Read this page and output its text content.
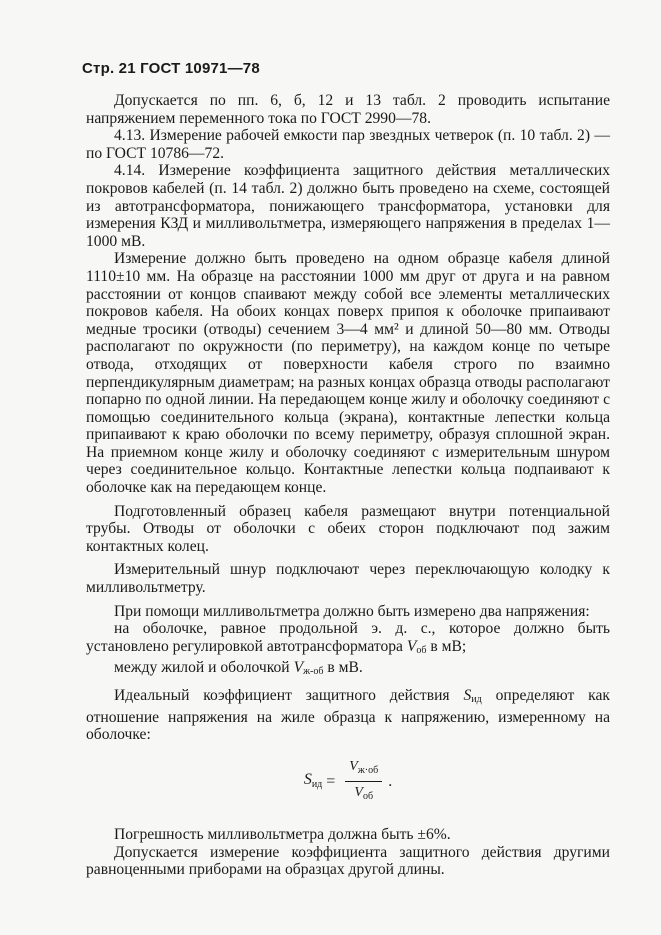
Стр. 21 ГОСТ 10971—78

Допускается по пп. 6, б, 12 и 13 табл. 2 проводить испытание напряжением переменного тока по ГОСТ 2990—78.

4.13. Измерение рабочей емкости пар звездных четверок (п. 10 табл. 2) — по ГОСТ 10786—72.

4.14. Измерение коэффициента защитного действия металлических покровов кабелей (п. 14 табл. 2) должно быть проведено на схеме, состоящей из автотрансформатора, понижающего трансформатора, установки для измерения КЗД и милливольтметра, измеряющего напряжения в пределах 1—1000 мВ.

Измерение должно быть проведено на одном образце кабеля длиной 1110±10 мм. На образце на расстоянии 1000 мм друг от друга и на равном расстоянии от концов спаивают между собой все элементы металлических покровов кабеля. На обоих концах поверх припоя к оболочке припаивают медные тросики (отводы) сечением 3—4 мм² и длиной 50—80 мм. Отводы располагают по окружности (по периметру), на каждом конце по четыре отвода, отходящих от поверхности кабеля строго по взаимно перпендикулярным диаметрам; на разных концах образца отводы располагают попарно по одной линии. На передающем конце жилу и оболочку соединяют с помощью соединительного кольца (экрана), контактные лепестки кольца припаивают к краю оболочки по всему периметру, образуя сплошной экран. На приемном конце жилу и оболочку соединяют с измерительным шнуром через соединительное кольцо. Контактные лепестки кольца подпаивают к оболочке как на передающем конце.

Подготовленный образец кабеля размещают внутри потенциальной трубы. Отводы от оболочки с обеих сторон подключают под зажим контактных колец.

Измерительный шнур подключают через переключающую колодку к милливольтметру.

При помощи милливольтметра должно быть измерено два напряжения:

на оболочке, равное продольной э. д. с., которое должно быть установлено регулировкой автотрансформатора Vоб в мВ;

между жилой и оболочкой Vж-об в мВ.

Идеальный коэффициент защитного действия Sид определяют как отношение напряжения на жиле образца к напряжению, измеренному на оболочке:

$S_{ид} = \frac{V_{ж\cdot об}}{V_{об}}$ .

Погрешность милливольтметра должна быть ±6%.

Допускается измерение коэффициента защитного действия другими равноценными приборами на образцах другой длины.
